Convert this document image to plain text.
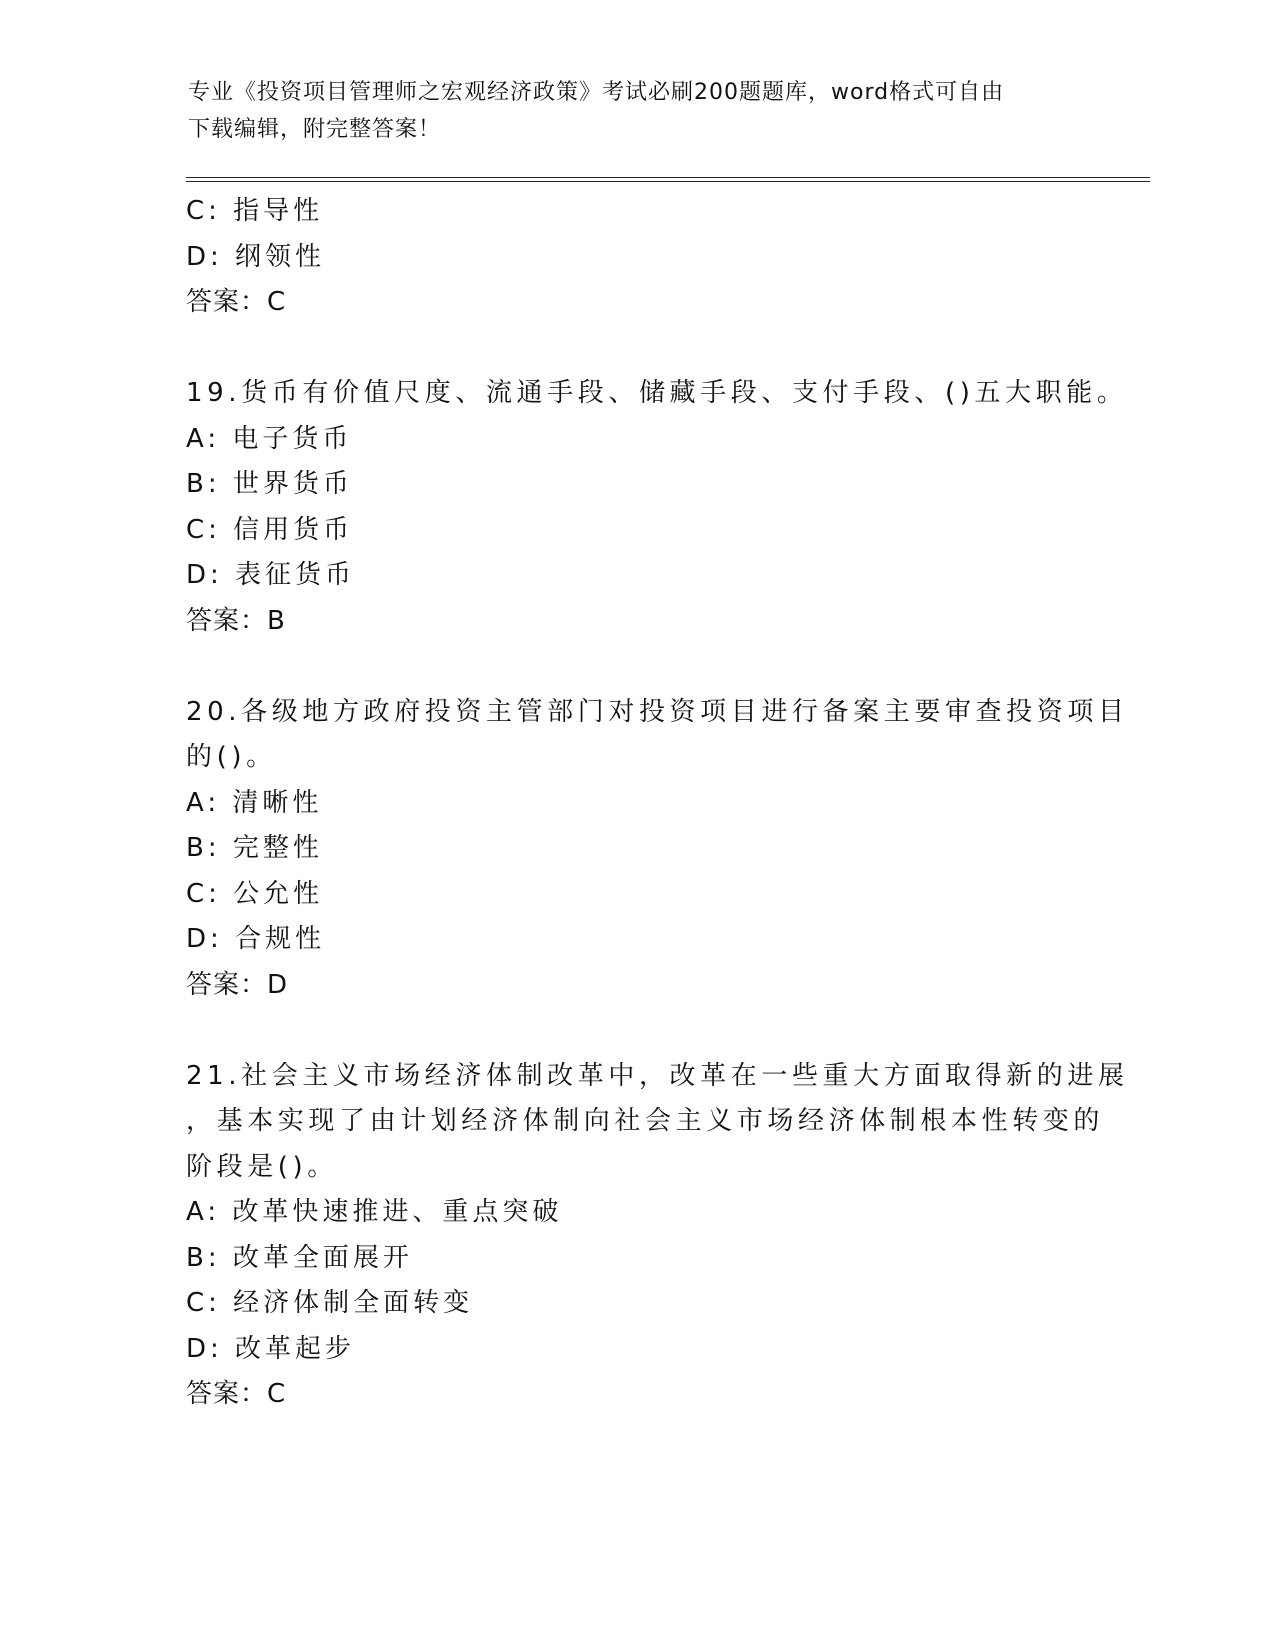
专业《投资项目管理师之宏观经济政策》考试必刷200题题库，word格式可自由
下载编辑，附完整答案！
C: 指导性
D: 纲领性
答案：C
19.货币有价值尺度、流通手段、储藏手段、支付手段、()五大职能。
A: 电子货币
B: 世界货币
C: 信用货币
D: 表征货币
答案：B
20.各级地方政府投资主管部门对投资项目进行备案主要审查投资项目
的()。
A: 清晰性
B: 完整性
C: 公允性
D: 合规性
答案：D
21.社会主义市场经济体制改革中，改革在一些重大方面取得新的进展
，基本实现了由计划经济体制向社会主义市场经济体制根本性转变的
阶段是()。
A: 改革快速推进、重点突破
B: 改革全面展开
C: 经济体制全面转变
D: 改革起步
答案：C
